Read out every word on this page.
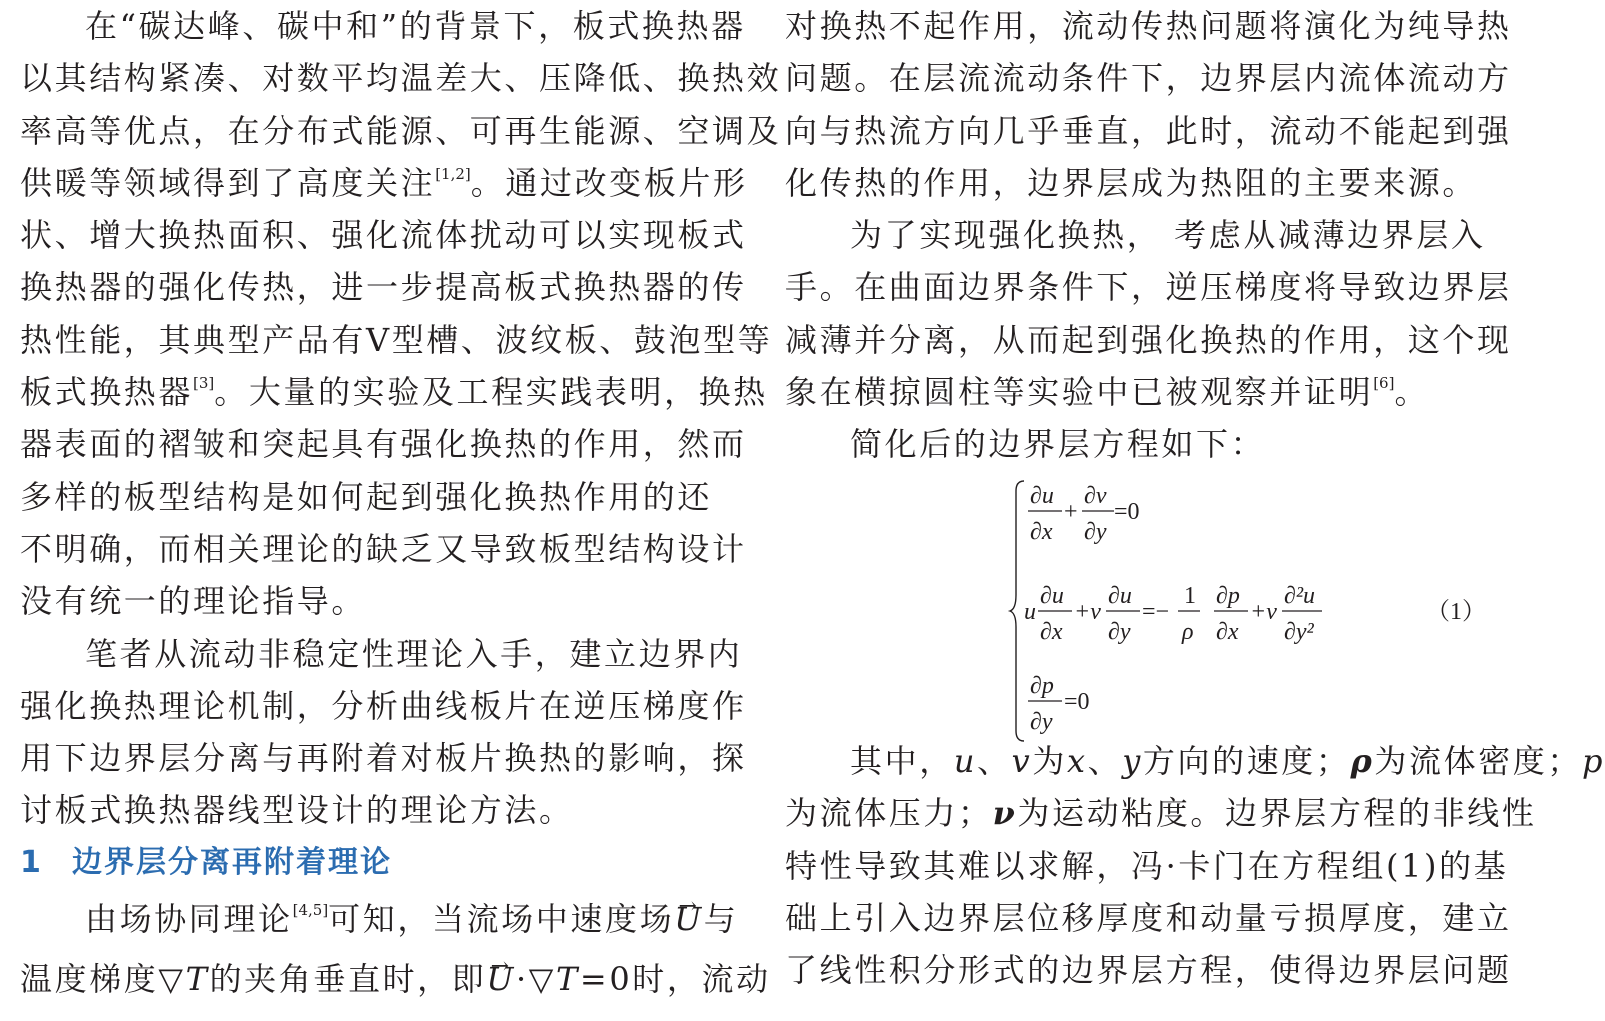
在“碳达峰、碳中和”的背景下，板式换热器
以其结构紧凑、对数平均温差大、压降低、换热效
率高等优点，在分布式能源、可再生能源、空调及
供暖等领域得到了高度关注[1,2]。通过改变板片形
状、增大换热面积、强化流体扰动可以实现板式
换热器的强化传热，进一步提高板式换热器的传
热性能，其典型产品有V型槽、波纹板、鼓泡型等
板式换热器[3]。大量的实验及工程实践表明，换热
器表面的褶皱和突起具有强化换热的作用，然而
多样的板型结构是如何起到强化换热作用的还
不明确，而相关理论的缺乏又导致板型结构设计
没有统一的理论指导。
笔者从流动非稳定性理论入手，建立边界内
强化换热理论机制，分析曲线板片在逆压梯度作
用下边界层分离与再附着对板片换热的影响，探
讨板式换热器线型设计的理论方法。
1 边界层分离再附着理论
由场协同理论[4,5]可知，当流场中速度场→ U与
温度梯度▽T的夹角垂直时，即→ U·▽T=0时，流动
对换热不起作用，流动传热问题将演化为纯导热
问题。在层流流动条件下，边界层内流体流动方
向与热流方向几乎垂直，此时，流动不能起到强
化传热的作用，边界层成为热阻的主要来源。
为了实现强化换热， 考虑从减薄边界层入
手。在曲面边界条件下，逆压梯度将导致边界层
减薄并分离，从而起到强化换热的作用，这个现
象在横掠圆柱等实验中已被观察并证明[6]。
简化后的边界层方程如下：
其中，u、v为x、y方向的速度；ρ为流体密度；p
为流体压力；ν为运动粘度。边界层方程的非线性
特性导致其难以求解，冯·卡门在方程组(1)的基
础上引入边界层位移厚度和动量亏损厚度，建立
了线性积分形式的边界层方程，使得边界层问题
∂u
∂x
+
∂v
∂y
=0
u
∂u
∂x
+v
∂u
∂y
=−
1
ρ
∂p
∂x
+ν
∂²u
∂y²
∂p
∂y
=0
（1）
